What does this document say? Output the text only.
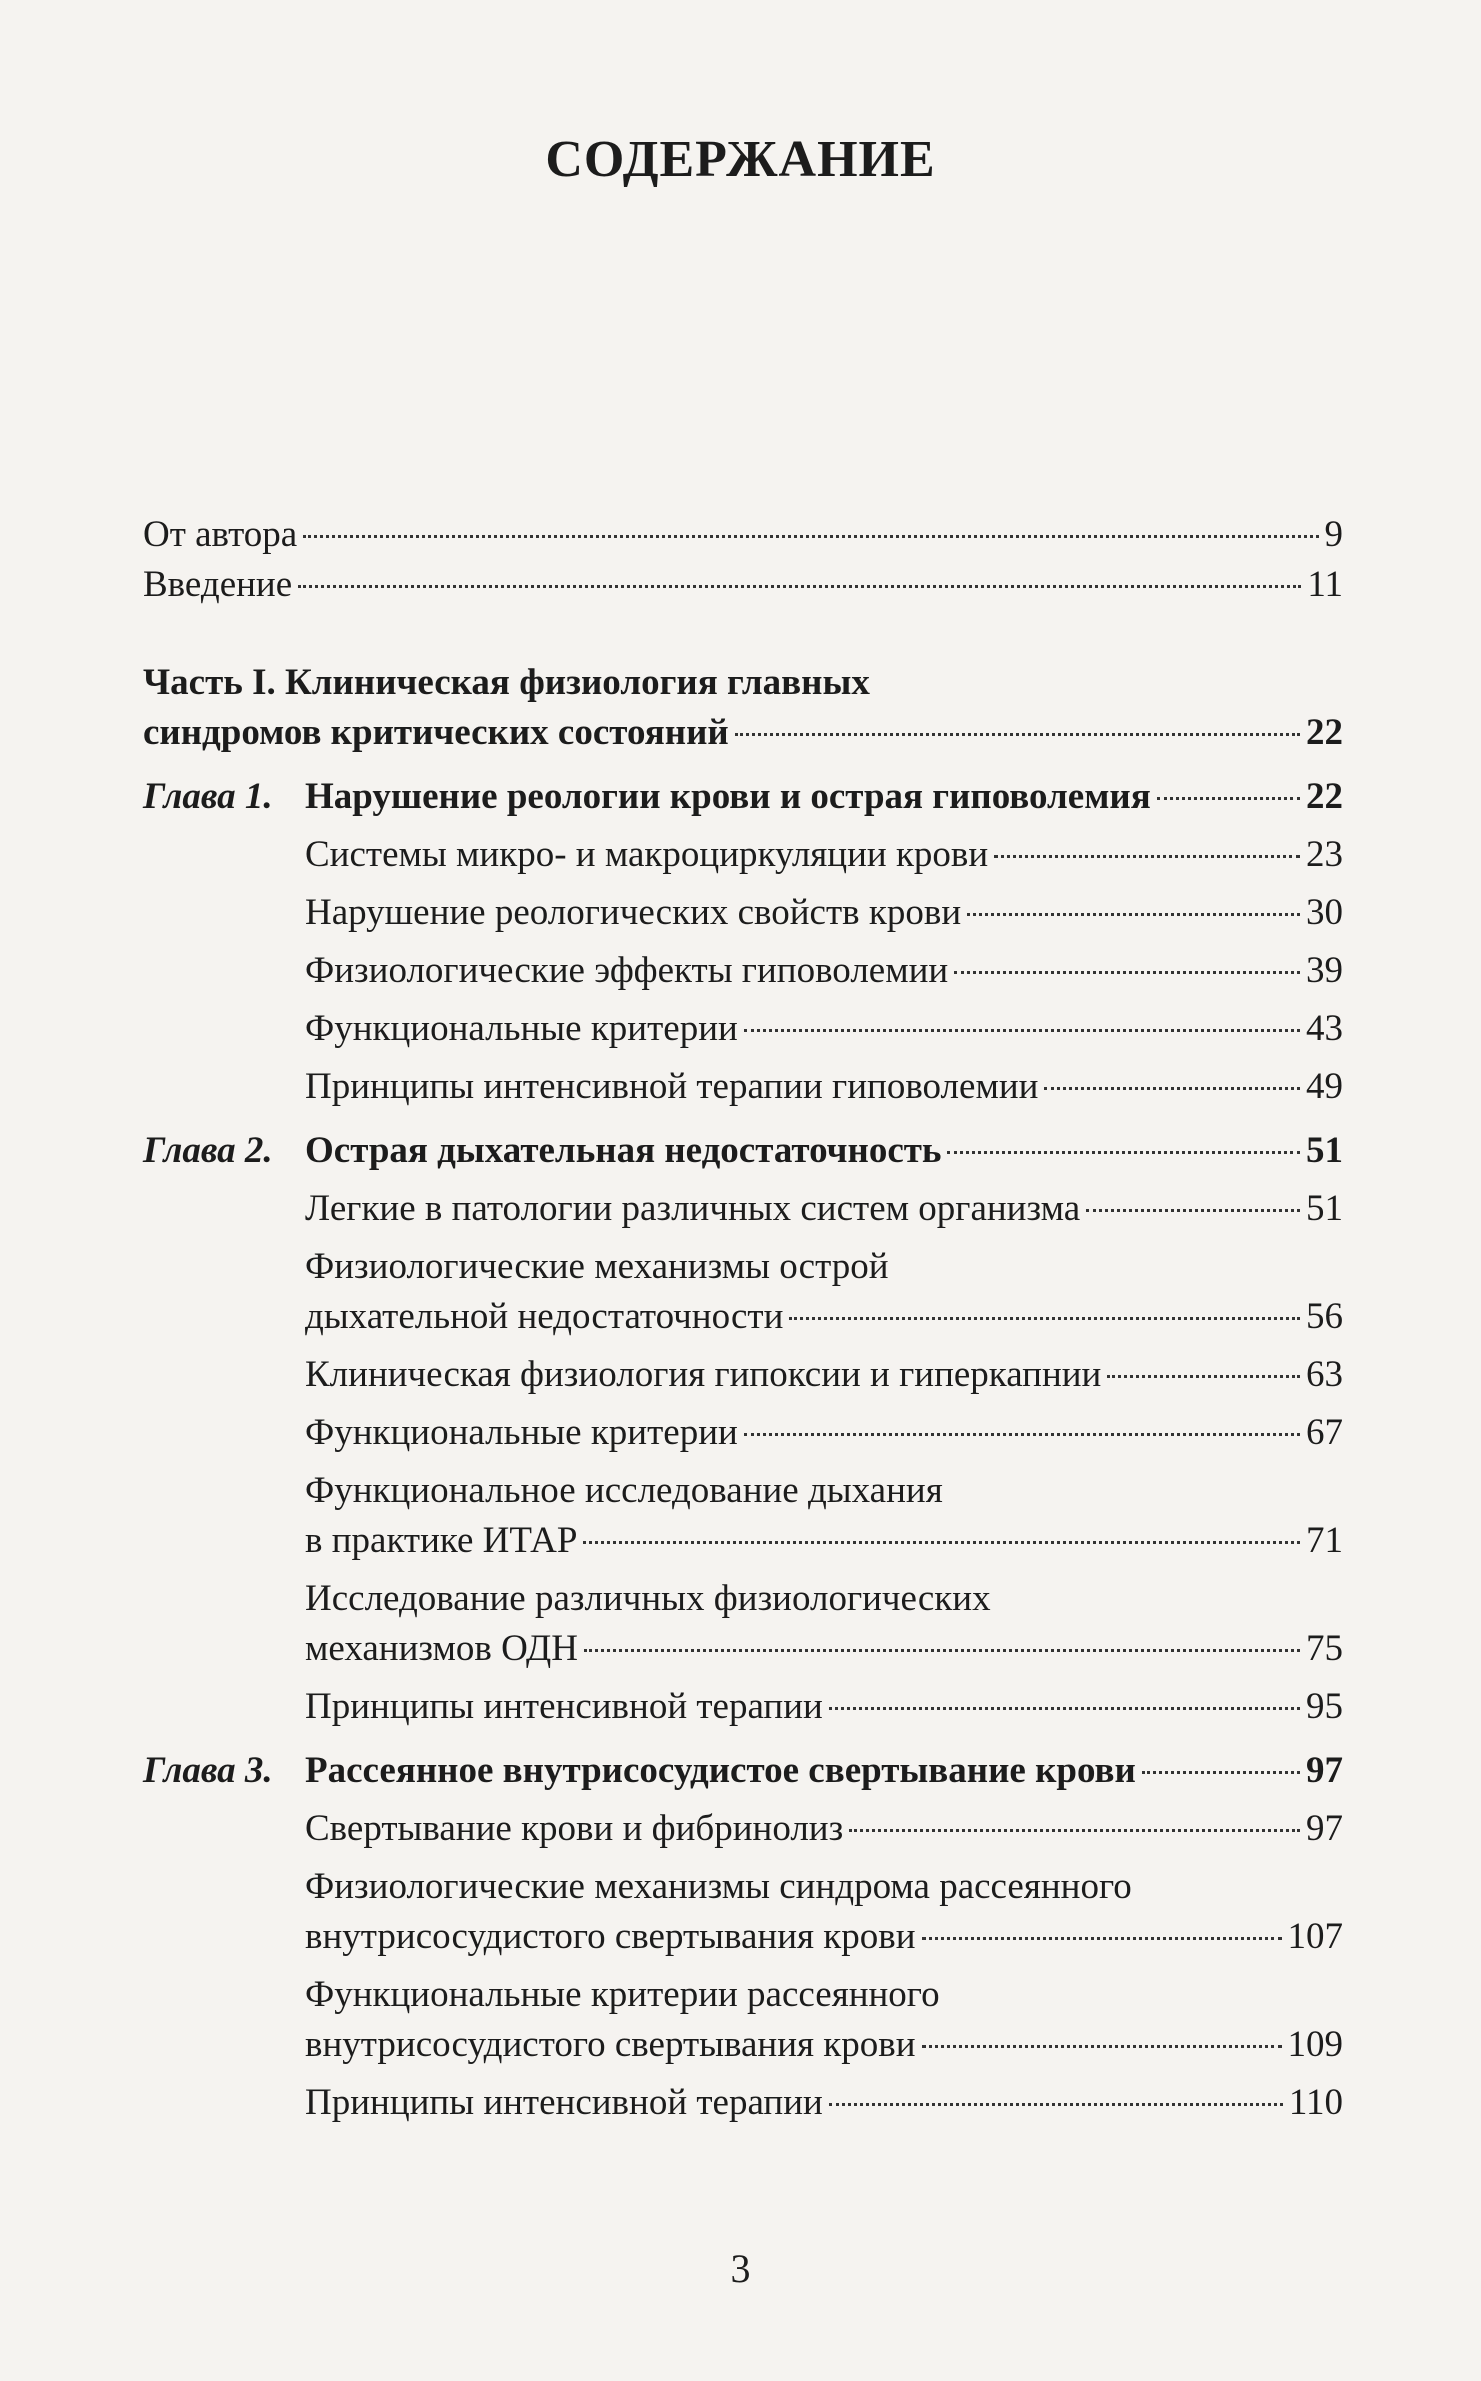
СОДЕРЖАНИЕ
От автора	9
Введение	11
Часть I. Клиническая физиология главных
синдромов критических состояний	22
Глава 1. Нарушение реологии крови и острая гиповолемия	22
Системы микро- и макроциркуляции крови	23
Нарушение реологических свойств крови	30
Физиологические эффекты гиповолемии	39
Функциональные критерии	43
Принципы интенсивной терапии гиповолемии	49
Глава 2. Острая дыхательная недостаточность	51
Легкие в патологии различных систем организма	51
Физиологические механизмы острой
дыхательной недостаточности	56
Клиническая физиология гипоксии и гиперкапнии	63
Функциональные критерии	67
Функциональное исследование дыхания
в практике ИТАР	71
Исследование различных физиологических
механизмов ОДН	75
Принципы интенсивной терапии	95
Глава 3. Рассеянное внутрисосудистое свертывание крови	97
Свертывание крови и фибринолиз	97
Физиологические механизмы синдрома рассеянного
внутрисосудистого свертывания крови	107
Функциональные критерии рассеянного
внутрисосудистого свертывания крови	109
Принципы интенсивной терапии	110
3
